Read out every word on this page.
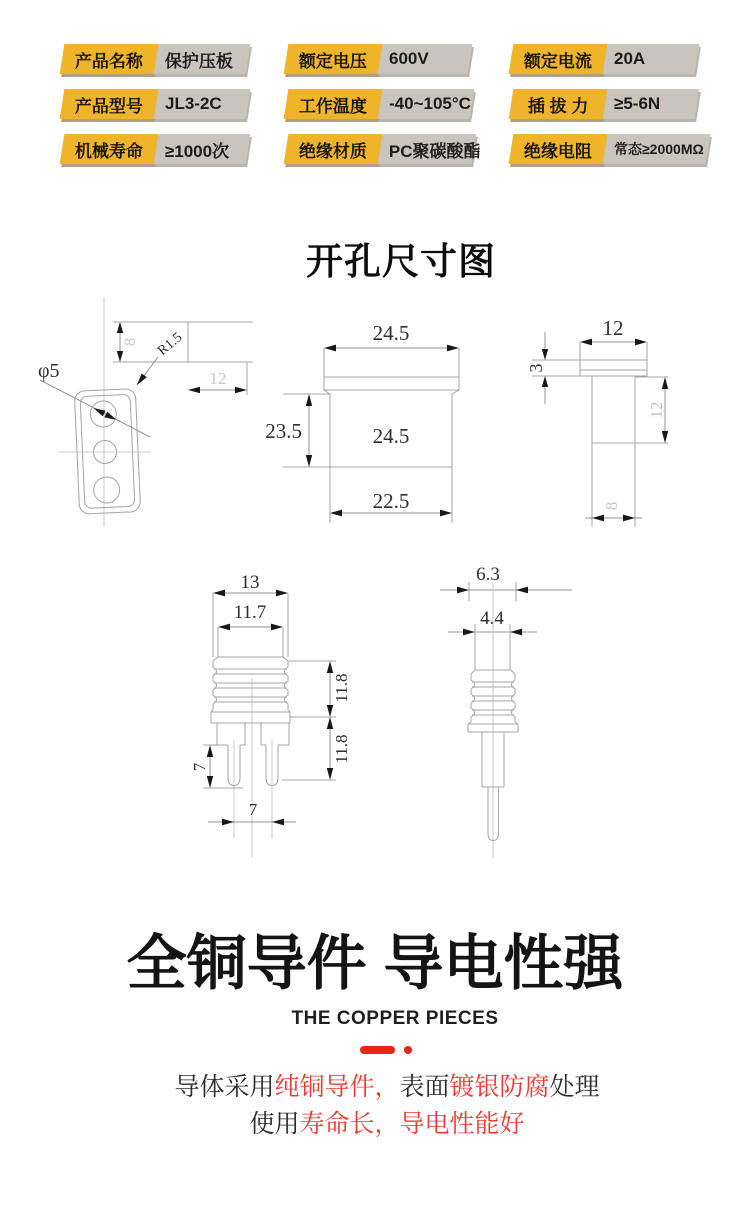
产品名称 保护压板	额定电压 600V	额定电流 20A
产品型号 JL3-2C	工作温度 -40~105°C	插 拔 力 ≥5-6N
机械寿命 ≥1000次	绝缘材质 PC聚碳酸酯	绝缘电阻 常态≥2000MΩ
开孔尺寸图
8
12
φ5
R1.5	24.5
23.5	24.5
22.5
12
3
12
8
13
11.7
11.8
11.8
7
7
6.3
4.4
全铜导件 导电性强
THE COPPER PIECES

导体采用纯铜导件，表面镀银防腐处理

使用寿命长，导电性能好
